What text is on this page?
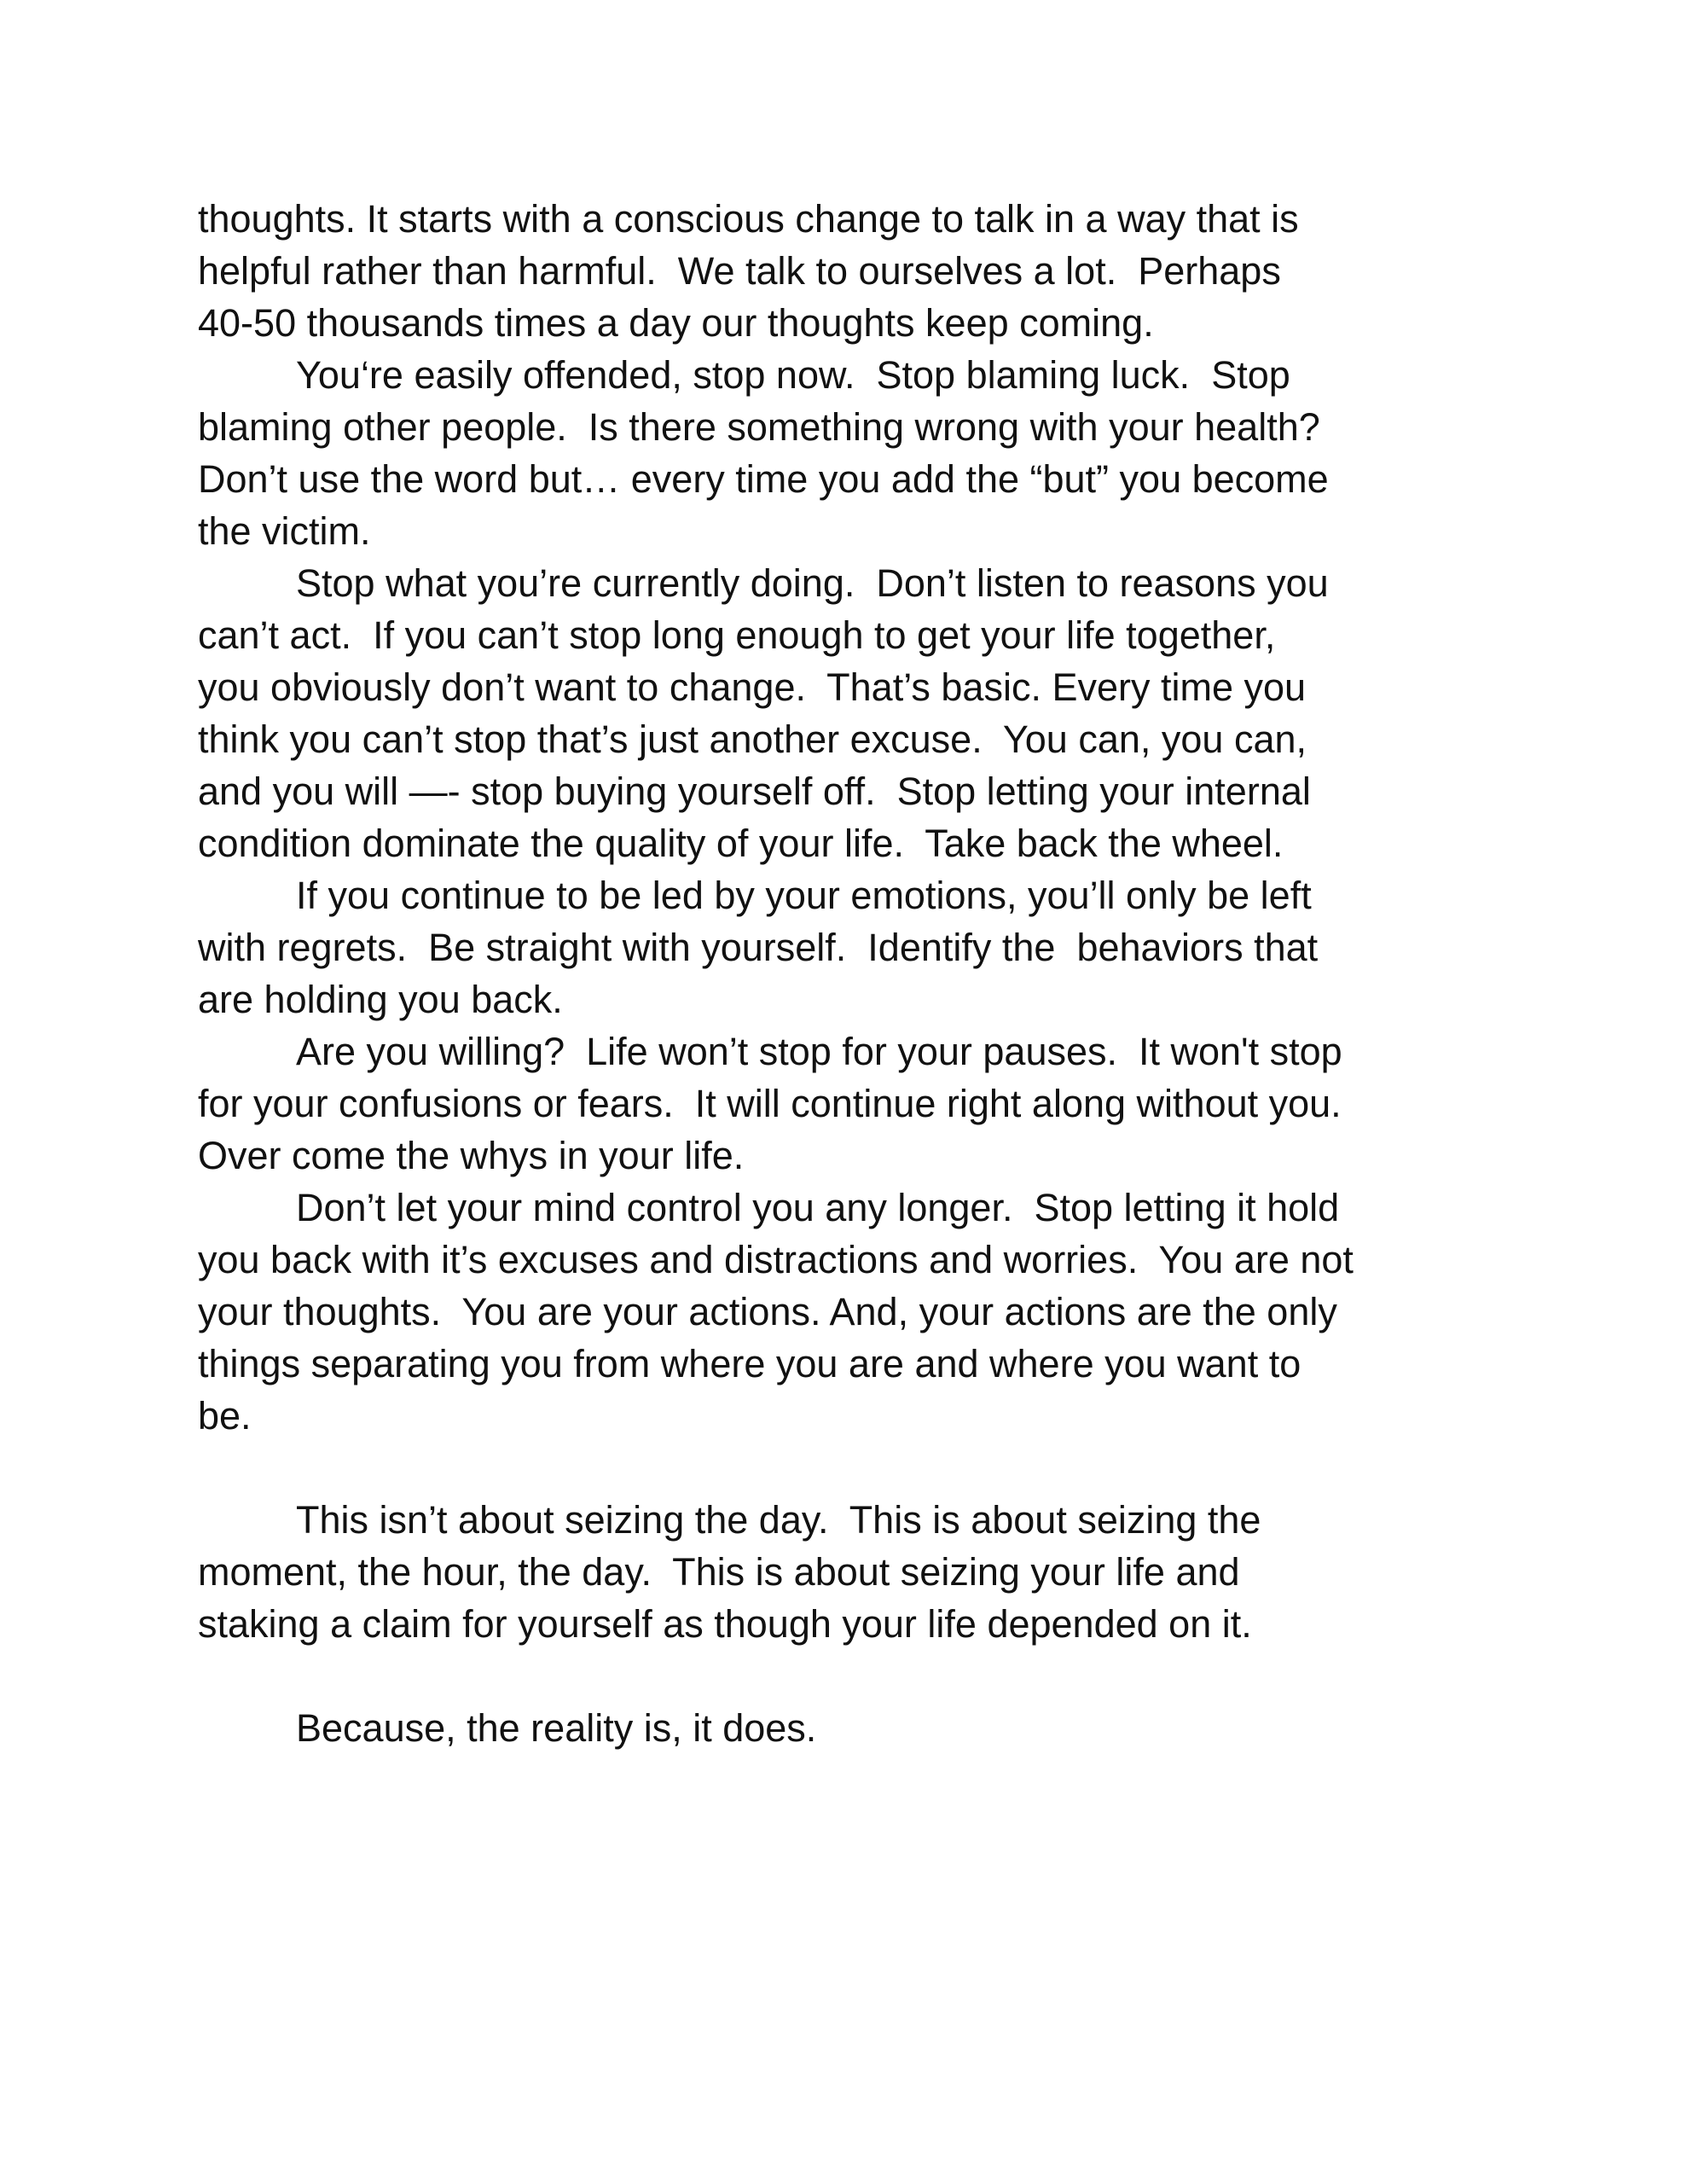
thoughts. It starts with a conscious change to talk in a way that is
helpful rather than harmful.  We talk to ourselves a lot.  Perhaps
40-50 thousands times a day our thoughts keep coming.
You‘re easily offended, stop now.  Stop blaming luck.  Stop
blaming other people.  Is there something wrong with your health?
Don’t use the word but… every time you add the “but” you become
the victim.
Stop what you’re currently doing.  Don’t listen to reasons you
can’t act.  If you can’t stop long enough to get your life together,
you obviously don’t want to change.  That’s basic. Every time you
think you can’t stop that’s just another excuse.  You can, you can,
and you will —- stop buying yourself off.  Stop letting your internal
condition dominate the quality of your life.  Take back the wheel.
If you continue to be led by your emotions, you’ll only be left
with regrets.  Be straight with yourself.  Identify the  behaviors that
are holding you back.
Are you willing?  Life won’t stop for your pauses.  It won't stop
for your confusions or fears.  It will continue right along without you.
Over come the whys in your life.
Don’t let your mind control you any longer.  Stop letting it hold
you back with it’s excuses and distractions and worries.  You are not
your thoughts.  You are your actions. And, your actions are the only
things separating you from where you are and where you want to
be.
This isn’t about seizing the day.  This is about seizing the
moment, the hour, the day.  This is about seizing your life and
staking a claim for yourself as though your life depended on it.
Because, the reality is, it does.
